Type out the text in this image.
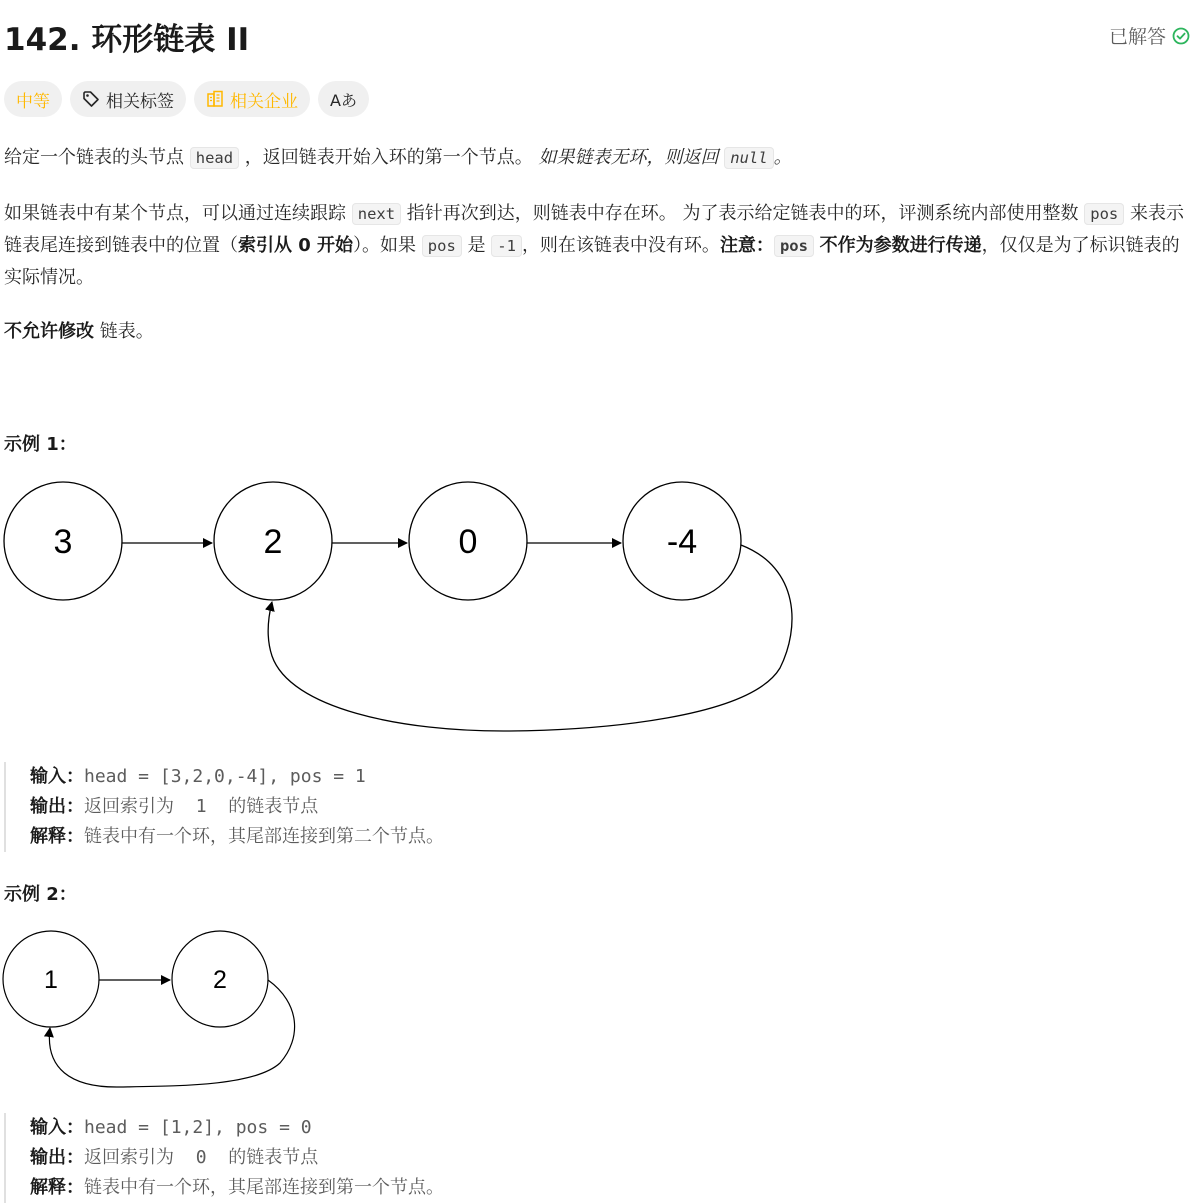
142. 环形链表 II	已解答
中等	相关标签	相关企业 Aあ
给定一个链表的头节点 head ，返回链表开始入环的第一个节点。 如果链表无环，则返回 null 。
如果链表中有某个节点，可以通过连续跟踪 next 指针再次到达，则链表中存在环。 为了表示给定链表中的环，评测系统内部使用整数 pos 来表示链表尾连接到链表中的位置（索引从 0 开始）。如果 pos 是 -1 ，则在该链表中没有环。注意： pos 不作为参数进行传递，仅仅是为了标识链表的实际情况。
不允许修改 链表。
示例 1：
3	2	0	-4
输入：head = [3,2,0,-4], pos = 1
输出：返回索引为 1 的链表节点
解释：链表中有一个环，其尾部连接到第二个节点。
示例 2：
1	2
输入：head = [1,2], pos = 0
输出：返回索引为 0 的链表节点
解释：链表中有一个环，其尾部连接到第一个节点。
